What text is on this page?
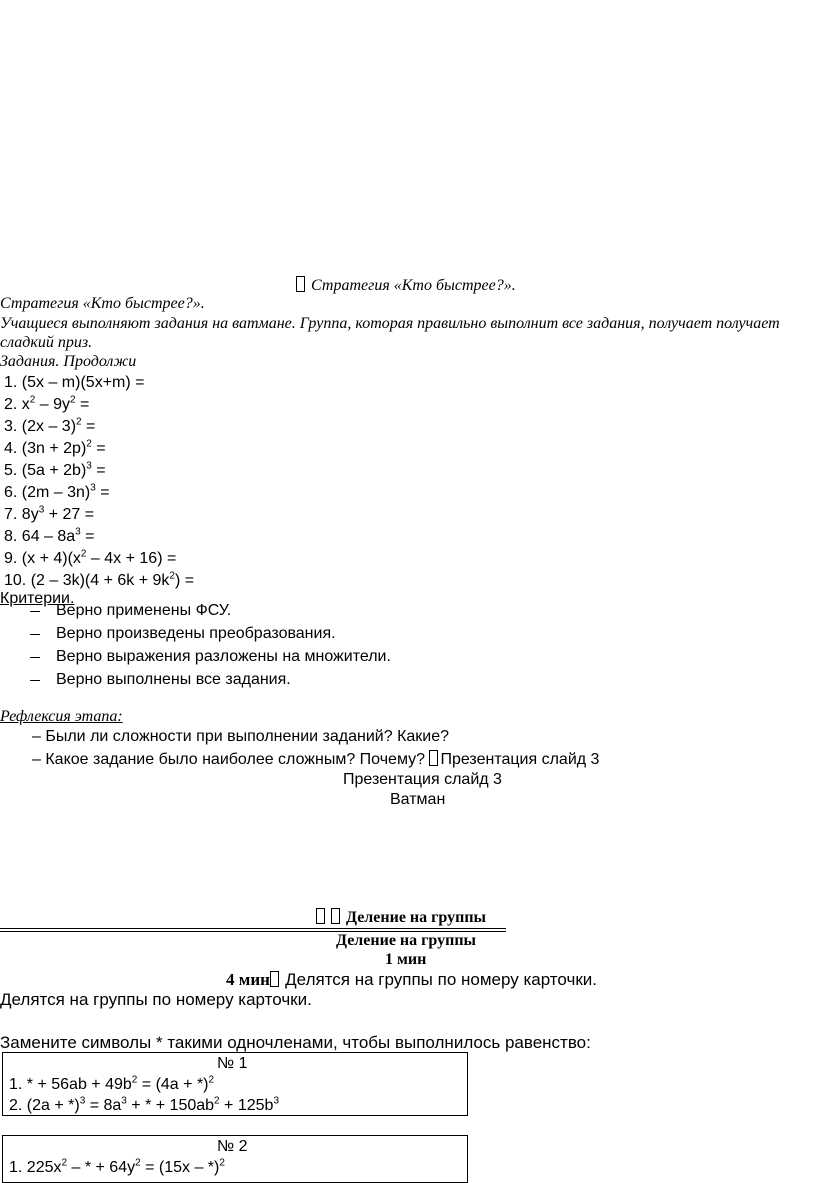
Стратегия «Кто быстрее?».
Стратегия «Кто быстрее?».
Учащиеся выполняют задания на ватмане. Группа, которая правильно выполнит все задания, получает получает
сладкий приз.
Задания. Продолжи
1. (5x – m)(5x+m) =
2. $x^2 - 9y^2$ =
3. (2x – 3)$^2$ =
4. $(3n + 2p)^2$ =
5. $(5a + 2b)^3$ =
6. (2m – 3n)$^3$ =
7. $8y^3 + 27$ =
8. $64 - 8a^3$ =
9. $(x + 4)(x^2 - 4x + 16)$ =
10. $(2 - 3k)(4 + 6k + 9k^2)$ =
Критерии.
Верно применены ФСУ.
Верно произведены преобразования.
Верно выражения разложены на множители.
Верно выполнены все задания.
Рефлексия этапа:
– Были ли сложности при выполнении заданий? Какие?
– Какое задание было наиболее сложным? Почему? Презентация слайд 3
Презентация слайд 3
Ватман
Деление на группы
Деление на группы
1 мин
4 мин Делятся на группы по номеру карточки.
Делятся на группы по номеру карточки.
Замените символы * такими одночленами, чтобы выполнилось равенство:
№ 1
1. * + $56ab + 49b^2 = (4a + *)^2$
2. $(2a + *)^3 = 8a^3$ + * + $150ab^2 + 125b^3$
№ 2
1. $225x^2$ – * + $64y^2 = (15x - *)^2$
